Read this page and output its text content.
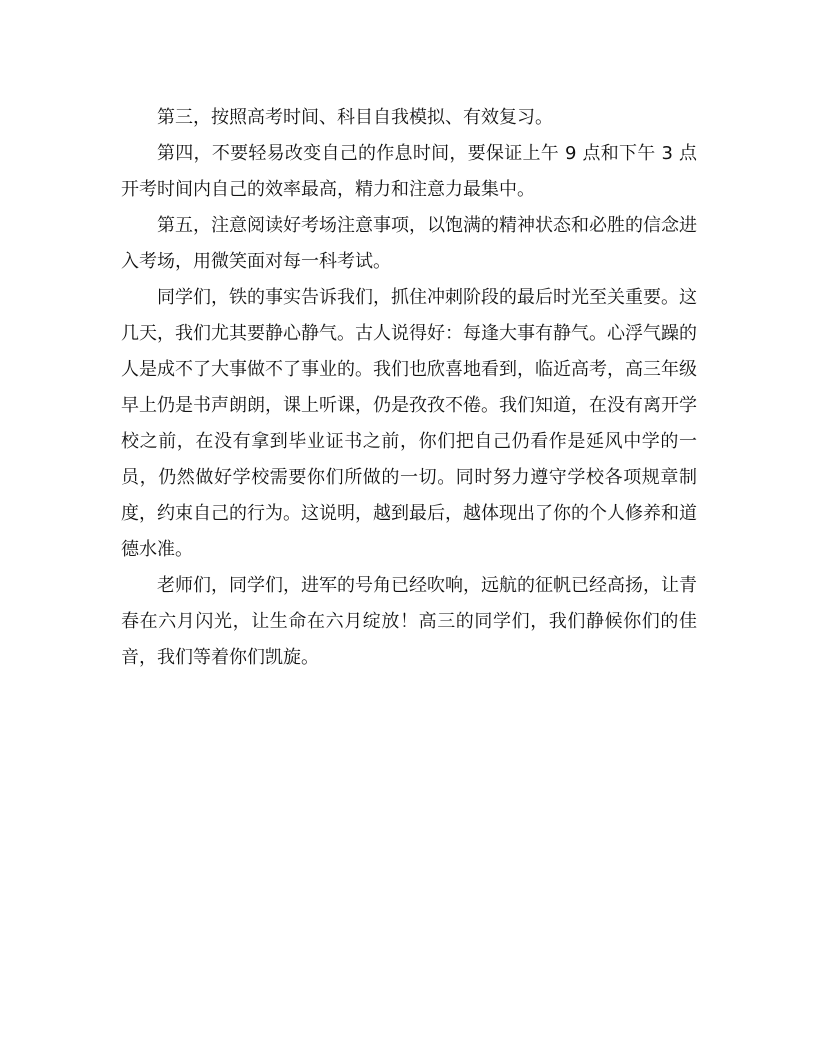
第三，按照高考时间、科目自我模拟、有效复习。

第四，不要轻易改变自己的作息时间，要保证上午 9 点和下午 3 点开考时间内自己的效率最高，精力和注意力最集中。

第五，注意阅读好考场注意事项，以饱满的精神状态和必胜的信念进入考场，用微笑面对每一科考试。

同学们，铁的事实告诉我们，抓住冲刺阶段的最后时光至关重要。这几天，我们尤其要静心静气。古人说得好：每逢大事有静气。心浮气躁的人是成不了大事做不了事业的。我们也欣喜地看到，临近高考，高三年级早上仍是书声朗朗，课上听课，仍是孜孜不倦。我们知道，在没有离开学校之前，在没有拿到毕业证书之前，你们把自己仍看作是延风中学的一员，仍然做好学校需要你们所做的一切。同时努力遵守学校各项规章制度，约束自己的行为。这说明，越到最后，越体现出了你的个人修养和道德水准。

老师们，同学们，进军的号角已经吹响，远航的征帆已经高扬，让青春在六月闪光，让生命在六月绽放！高三的同学们，我们静候你们的佳音，我们等着你们凯旋。
